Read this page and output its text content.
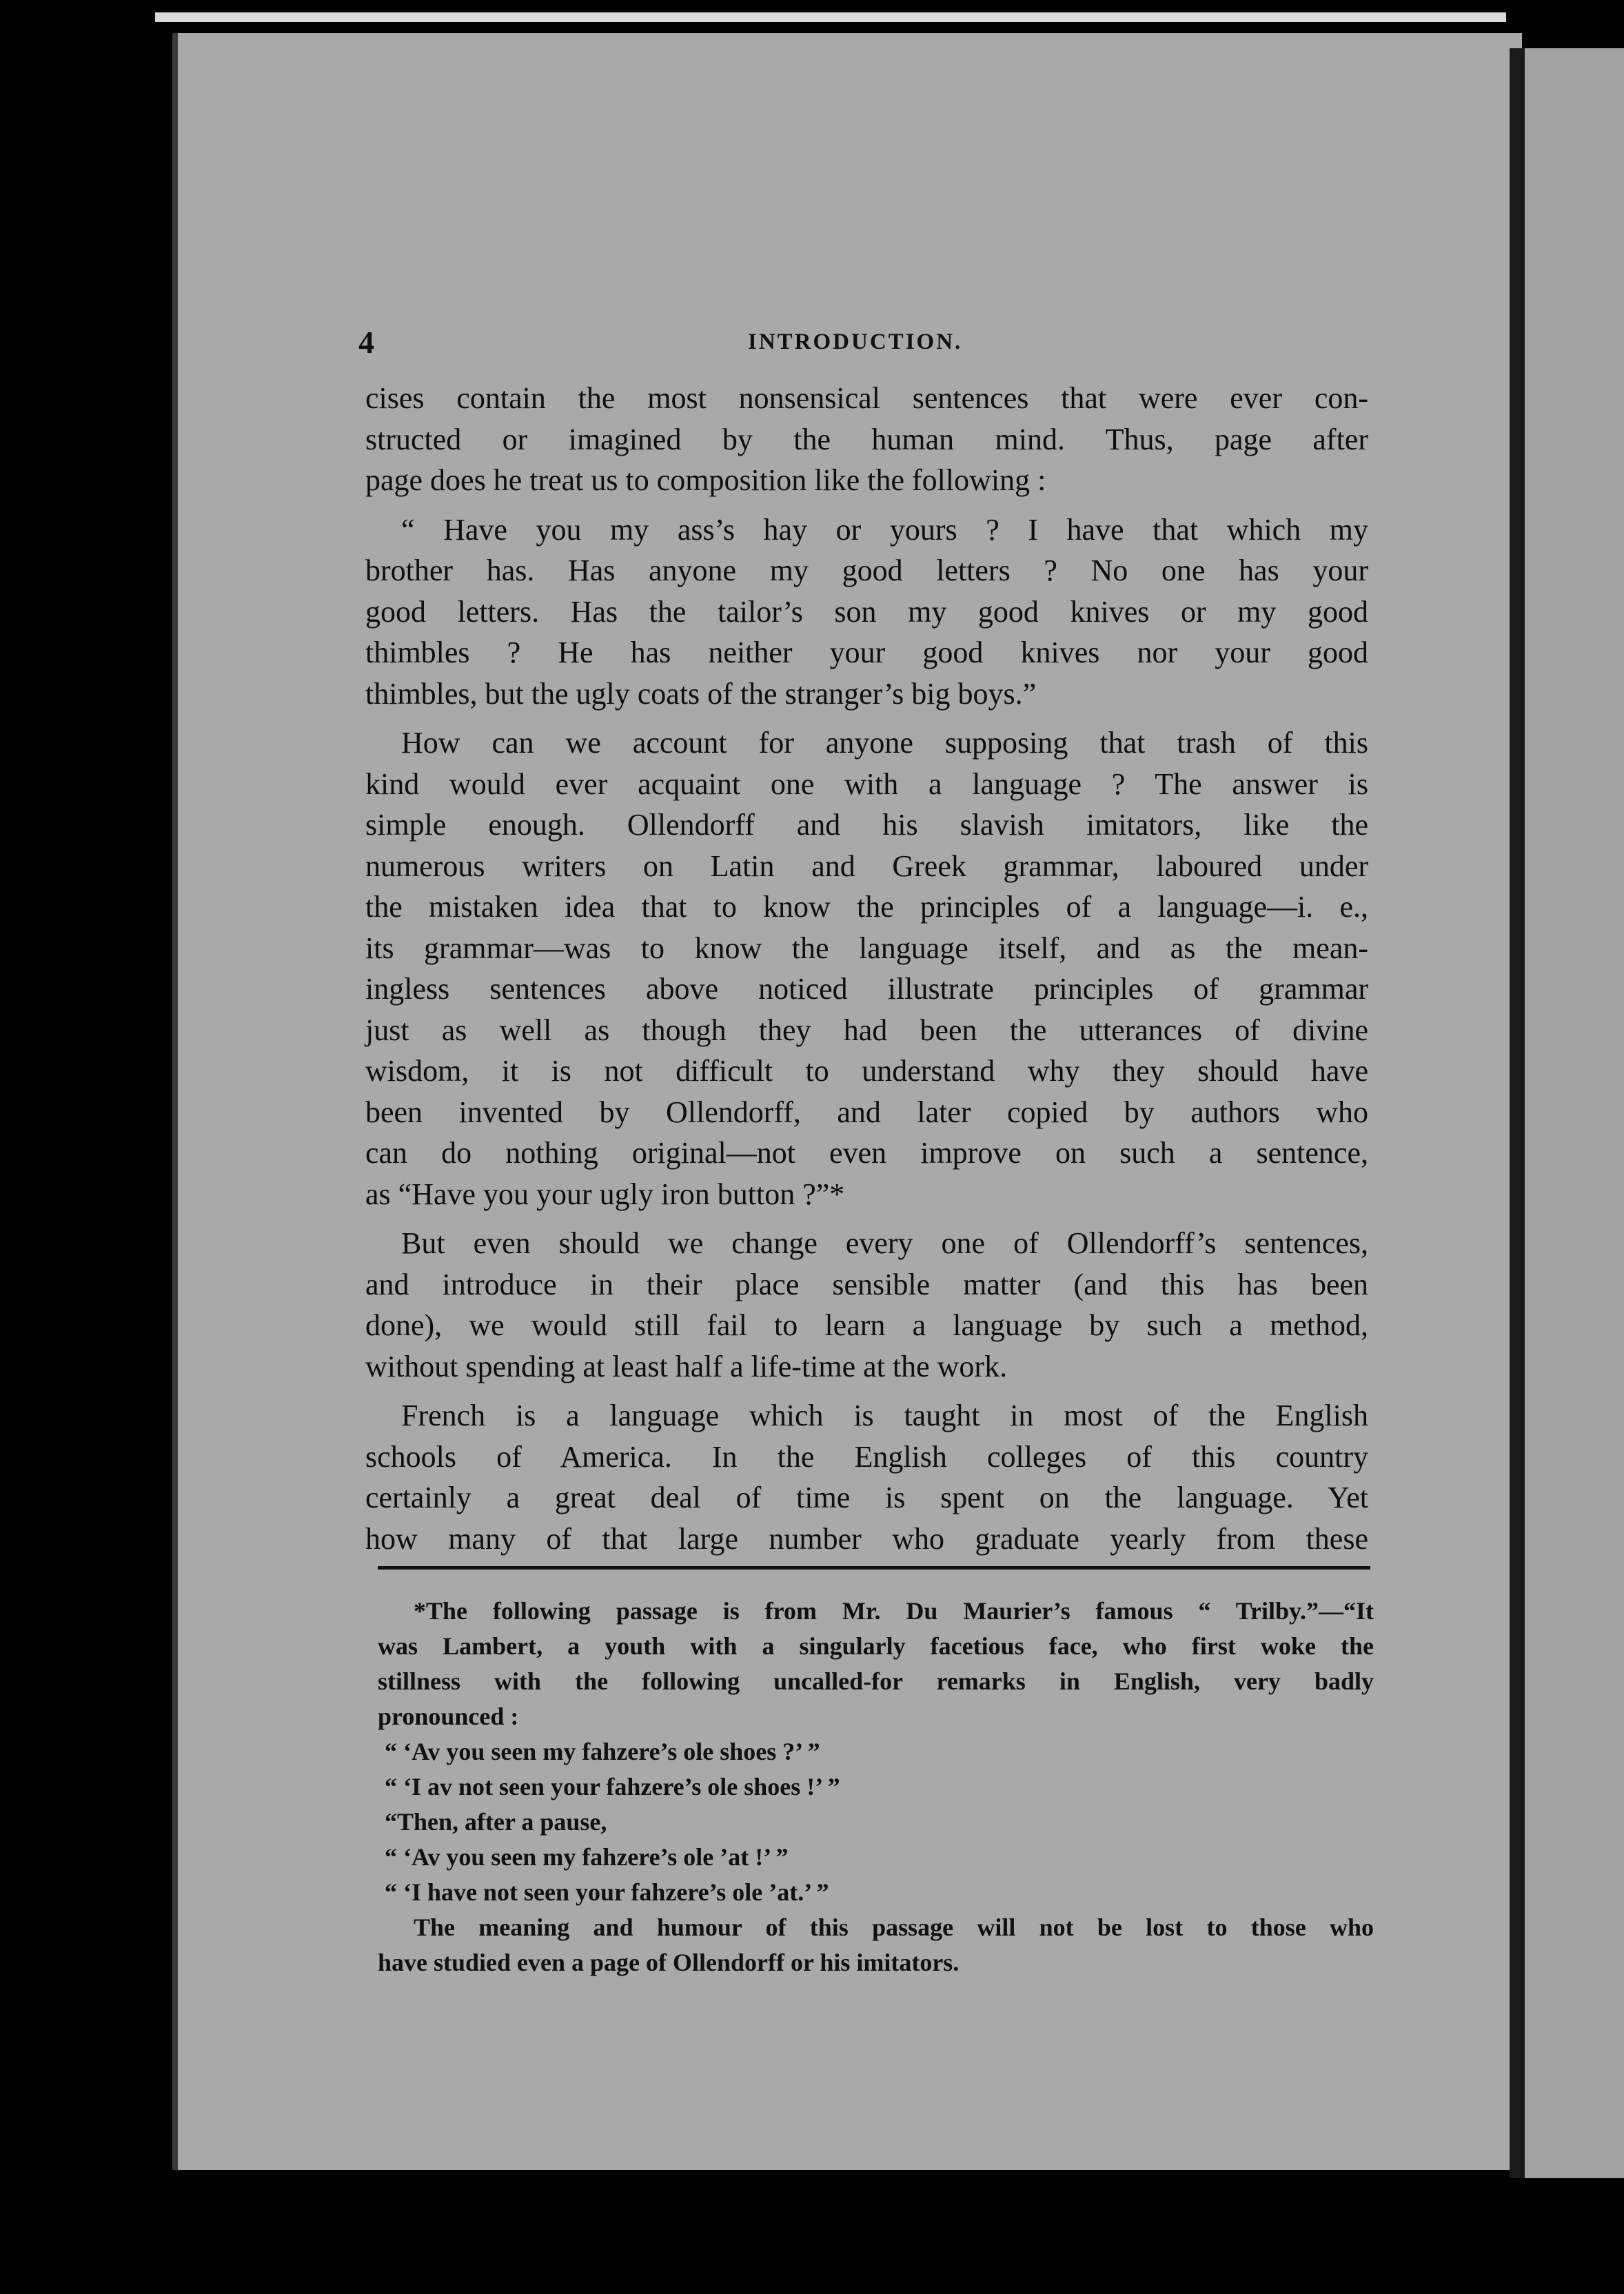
4	INTRODUCTION.
cises contain the most nonsensical sentences that were ever con-
structed or imagined by the human mind. Thus, page after
page does he treat us to composition like the following :
“ Have you my ass’s hay or yours ? I have that which my
brother has. Has anyone my good letters ? No one has your
good letters. Has the tailor’s son my good knives or my good
thimbles ? He has neither your good knives nor your good
thimbles, but the ugly coats of the stranger’s big boys.”
How can we account for anyone supposing that trash of this
kind would ever acquaint one with a language ? The answer is
simple enough. Ollendorff and his slavish imitators, like the
numerous writers on Latin and Greek grammar, laboured under
the mistaken idea that to know the principles of a language—i. e.,
its grammar—was to know the language itself, and as the mean-
ingless sentences above noticed illustrate principles of grammar
just as well as though they had been the utterances of divine
wisdom, it is not difficult to understand why they should have
been invented by Ollendorff, and later copied by authors who
can do nothing original—not even improve on such a sentence,
as “Have you your ugly iron button ?”*
But even should we change every one of Ollendorff’s sentences,
and introduce in their place sensible matter (and this has been
done), we would still fail to learn a language by such a method,
without spending at least half a life-time at the work.
French is a language which is taught in most of the English
schools of America. In the English colleges of this country
certainly a great deal of time is spent on the language. Yet
how many of that large number who graduate yearly from these
*The following passage is from Mr. Du Maurier’s famous “ Trilby.”—“It
was Lambert, a youth with a singularly facetious face, who first woke the
stillness with the following uncalled-for remarks in English, very badly
pronounced :
“ ‘Av you seen my fahzere’s ole shoes ?’ ”
“ ‘I av not seen your fahzere’s ole shoes !’ ”
“Then, after a pause,
“ ‘Av you seen my fahzere’s ole ’at !’ ”
“ ‘I have not seen your fahzere’s ole ’at.’ ”
The meaning and humour of this passage will not be lost to those who
have studied even a page of Ollendorff or his imitators.
